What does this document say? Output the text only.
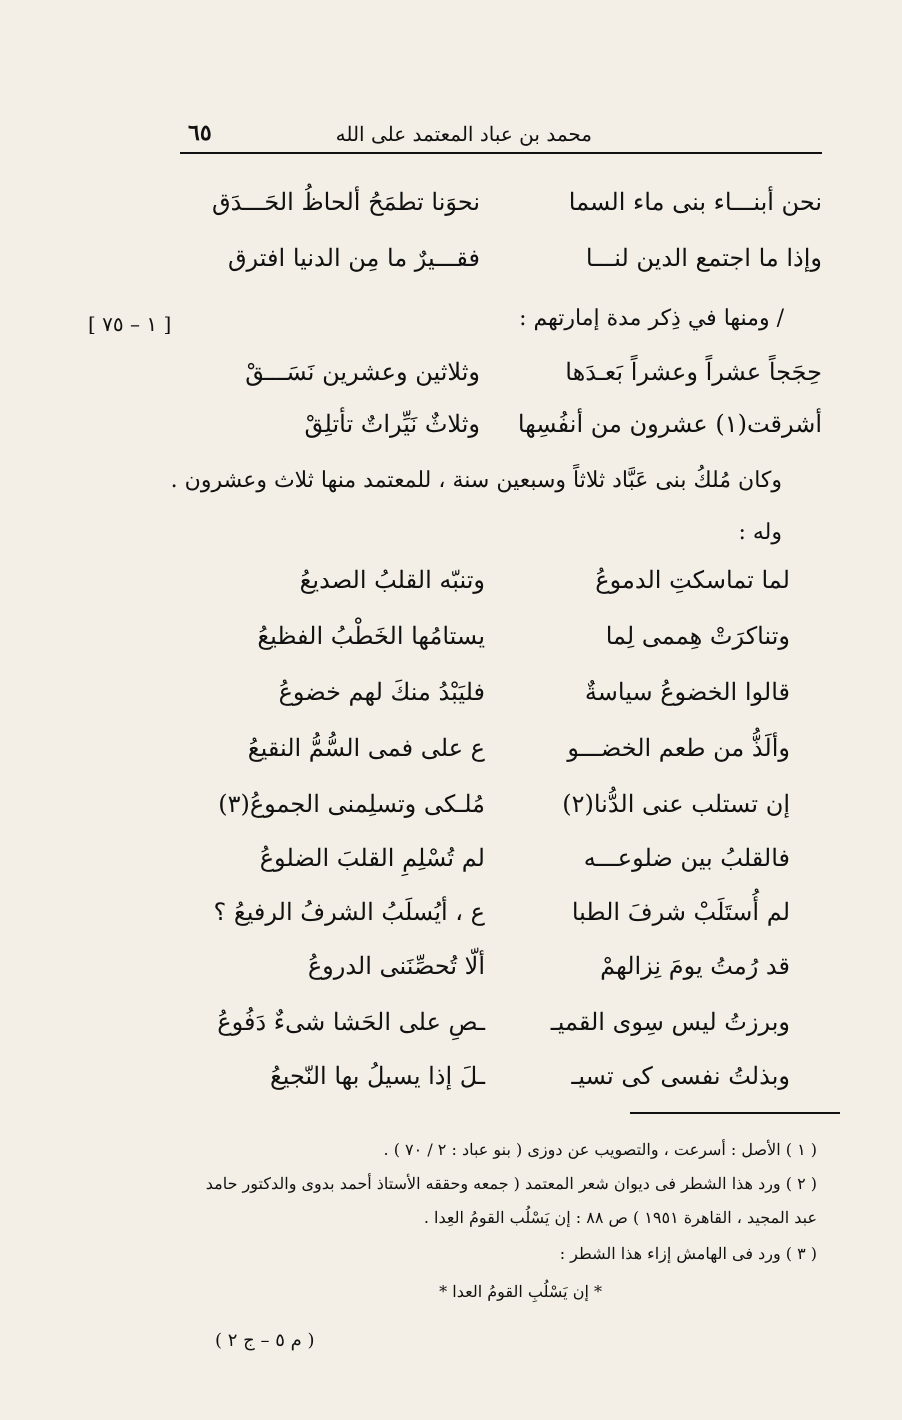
محمد بن عباد المعتمد على الله
٦٥
نحن أبنـــاء بنى ماء السما
نحوَنا تطمَحُ ألحاظُ الحَـــدَق
وإذا ما اجتمع الدين لنـــا
فقـــيرٌ ما مِن الدنيا افترق
[ ١ – ٧٥ ]	/ ومنها في ذِكر مدة إمارتهم :
حِجَجاً عشراً وعشراً بَعـدَها
وثلاثين وعشرين نَسَـــقْ
أشرقت(١) عشرون من أنفُسِها
وثلاثٌ نَيِّراتٌ تأتلِقْ
وكان مُلكُ بنى عَبَّاد ثلاثاً وسبعين سنة ، للمعتمد منها ثلاث وعشرون .
وله :
لما تماسكتِ الدموعُ
وتنبّه القلبُ الصديعُ
وتناكرَتْ هِممى لِما
يستامُها الخَطْبُ الفظيعُ
قالوا الخضوعُ سياسةٌ
فليَبْدُ منكَ لهم خضوعُ
وألَذُّ من طعم الخضـــو
ع على فمى السُّمُّ النقيعُ
إن تستلب عنى الدُّنا(٢)
مُلـكى وتسلِمنى الجموعُ(٣)
فالقلبُ بين ضلوعـــه
لم تُسْلِمِ القلبَ الضلوعُ
لم أُستَلَبْ شرفَ الطبا
ع ، أيُسلَبُ الشرفُ الرفيعُ ؟
قد رُمتُ يومَ نِزالهمْ
ألّا تُحصِّنَنى الدروعُ
وبرزتُ ليس سِوى القميـ
ـصِ على الحَشا شىءٌ دَفُوعُ
وبذلتُ نفسى كى تسيـ
ـلَ إذا يسيلُ بها النّجيعُ
( ١ ) الأصل : أسرعت ، والتصويب عن دوزى ( بنو عباد : ٢ / ٧٠ ) .
( ٢ ) ورد هذا الشطر فى ديوان شعر المعتمد ( جمعه وحققه الأستاذ أحمد بدوى والدكتور حامد
عبد المجيد ، القاهرة ١٩٥١ ) ص ٨٨ : إن يَسْلُب القومُ العِدا .
( ٣ ) ورد فى الهامش إزاء هذا الشطر :
* إن يَسْلُبِ القومُ العدا *
( م ٥ – ج ٢ )
